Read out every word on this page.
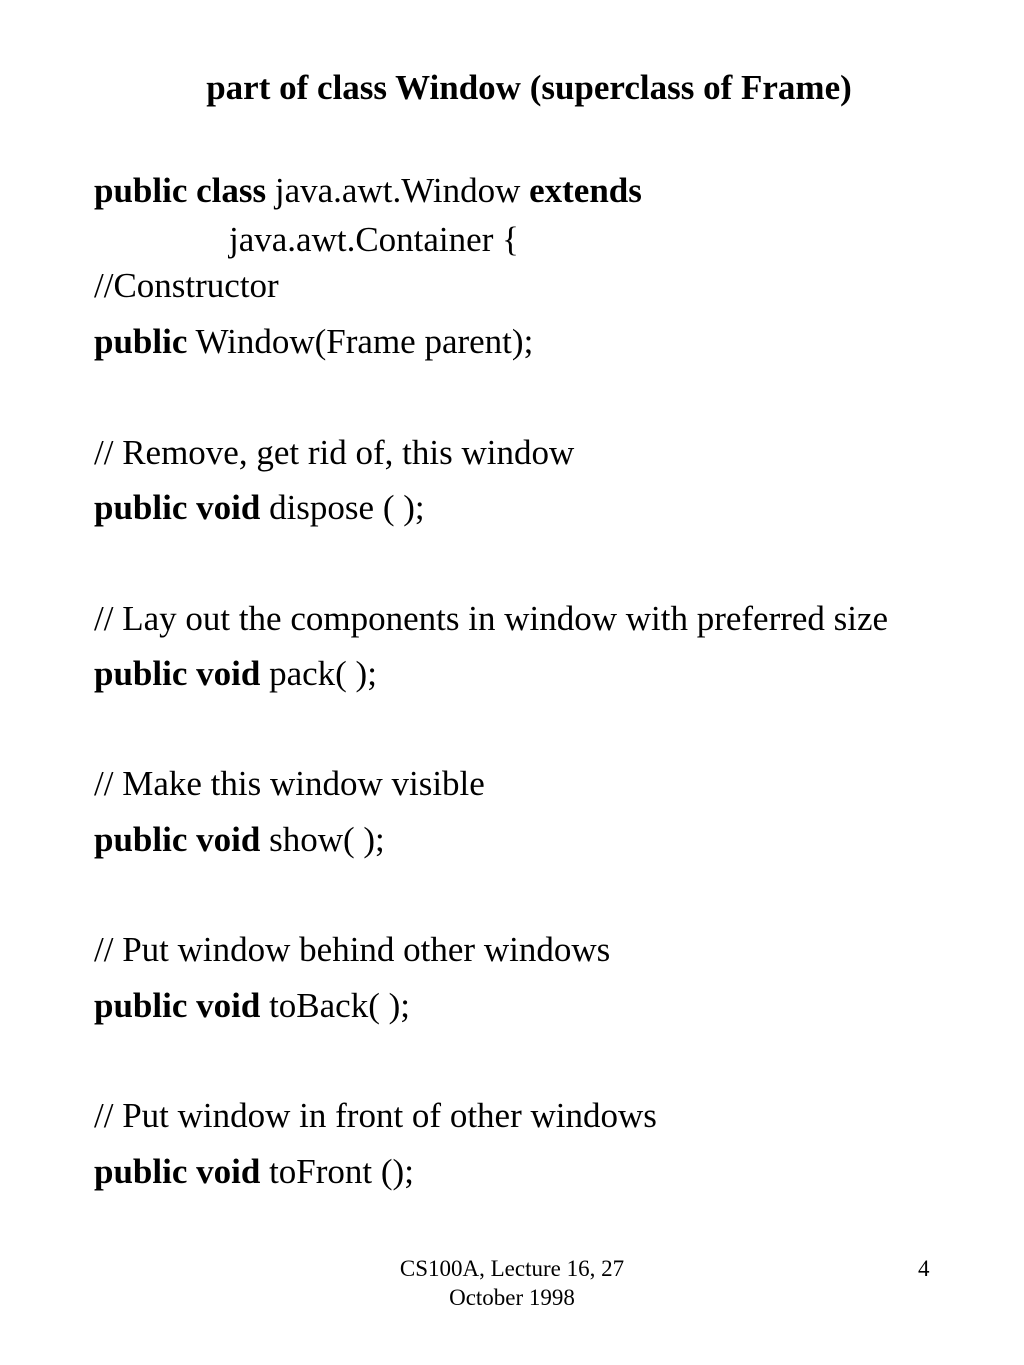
part of class Window (superclass of Frame)
public class java.awt.Window extends
java.awt.Container {
//Constructor
public Window(Frame parent);
// Remove, get rid of, this window
public void dispose ( );
// Lay out the components in window with preferred size
public void pack( );
// Make this window visible
public void show( );
// Put window behind other windows
public void toBack( );
// Put window in front of other windows
public void toFront ();
CS100A, Lecture 16, 27
October 1998
4
